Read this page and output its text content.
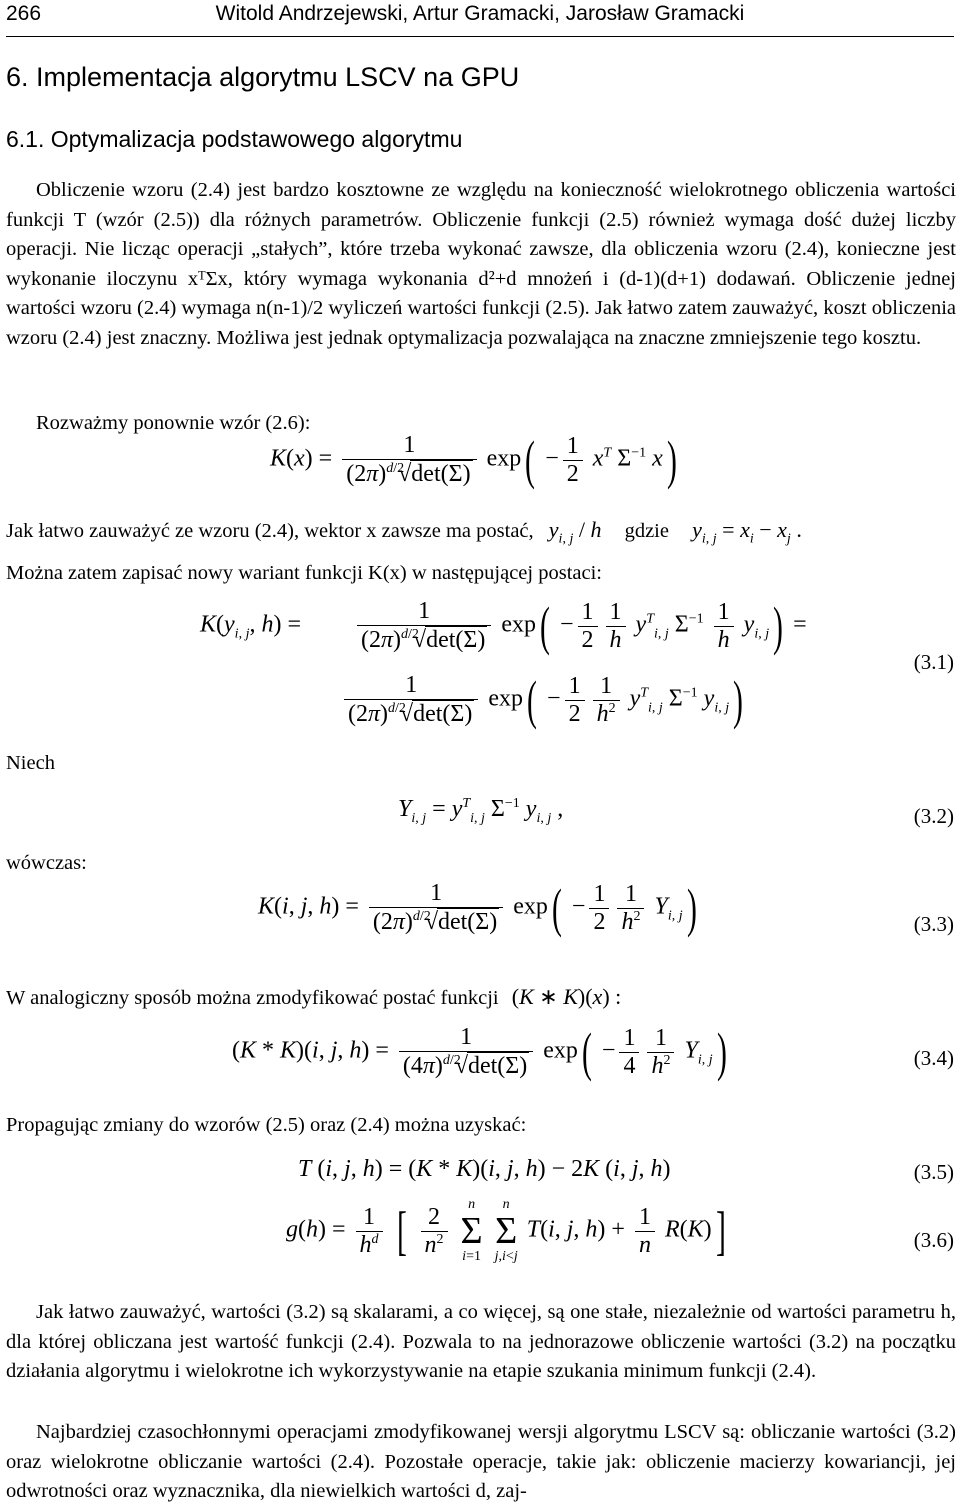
266	Witold Andrzejewski, Artur Gramacki, Jarosław Gramacki
6. Implementacja algorytmu LSCV na GPU
6.1. Optymalizacja podstawowego algorytmu

Obliczenie wzoru (2.4) jest bardzo kosztowne ze względu na konieczność wielokrotnego obliczenia wartości funkcji T (wzór (2.5)) dla różnych parametrów. Obliczenie funkcji (2.5) również wymaga dość dużej liczby operacji. Nie licząc operacji „stałych”, które trzeba wykonać zawsze, dla obliczenia wzoru (2.4), konieczne jest wykonanie iloczynu xᵀΣx, który wymaga wykonania d²+d mnożeń i (d-1)(d+1) dodawań. Obliczenie jednej wartości wzoru (2.4) wymaga n(n-1)/2 wyliczeń wartości funkcji (2.5). Jak łatwo zatem zauważyć, koszt obliczenia wzoru (2.4) jest znaczny. Możliwa jest jednak optymalizacja pozwalająca na znaczne zmniejszenie tego kosztu.

Rozważmy ponownie wzór (2.6):
$K(x) = \frac{1}{(2\pi)^{d/2} √ \det(\Sigma)} \exp( - \frac{1}{2} x^T$ $\Sigma^{-1}$ x)
Jak łatwo zauważyć ze wzoru (2.4), wektor x zawsze ma postać, $y_{i, j}$ / h gdzie $y_{i, j} = x_i - x_j$ .
Można zatem zapisać nowy wariant funkcji K(x) w następującej postaci:
$K(y_{i, j}$, $h) = \frac{1}{(2\pi)^{d/2} √ \det(\Sigma)} \exp( - \frac{1}{2} \frac{1}{h} y^T_{i, j}$ $\Sigma^{-1} \frac{1}{h} y_{i, j}$) =
$\frac{1}{(2\pi)^{d/2} √ \det(\Sigma)} \exp( - \frac{1}{2} \frac{1}{h^2} y^T_{i, j}$ $\Sigma^{-1}$ $y_{i, j}$)
(3.1)
Niech
$Y_{i, j} = y^T_{i, j}$ $\Sigma^{-1}$ $y_{i, j}$ ,	(3.2)
wówczas:
K(i, j, $h) = \frac{1}{(2\pi)^{d/2} √ \det(\Sigma)} \exp( - \frac{1}{2} \frac{1}{h^2} Y_{i, j})$	(3.3)
W analogiczny sposób można zmodyfikować postać funkcji (K ∗ K)(x) :
(K * K)(i, j, $h) = \frac{1}{(4\pi)^{d/2} √ \det(\Sigma)} \exp( - \frac{1}{4} \frac{1}{h^2} Y_{i, j})$	(3.4)
Propagując zmiany do wzorów (2.5) oraz (2.4) można uzyskać:
T (i, j, h) = (K * K)(i, j, h) − 2K (i, j, h)	(3.5)
$g(h) = \frac{1}{h^d}$ [ $\frac{2}{n^2}$
	n
Σ
i=1

n
Σ
j,i<j
T(i, j, $h) + \frac{1}{n} R(K)$]	(3.6)

Jak łatwo zauważyć, wartości (3.2) są skalarami, a co więcej, są one stałe, niezależnie od wartości parametru h, dla której obliczana jest wartość funkcji (2.4). Pozwala to na jednorazowe obliczenie wartości (3.2) na początku działania algorytmu i wielokrotne ich wykorzystywanie na etapie szukania minimum funkcji (2.4).

Najbardziej czasochłonnymi operacjami zmodyfikowanej wersji algorytmu LSCV są: obliczanie wartości (3.2) oraz wielokrotne obliczanie wartości (2.4). Pozostałe operacje, takie jak: obliczenie macierzy kowariancji, jej odwrotności oraz wyznacznika, dla niewielkich wartości d, zaj-
